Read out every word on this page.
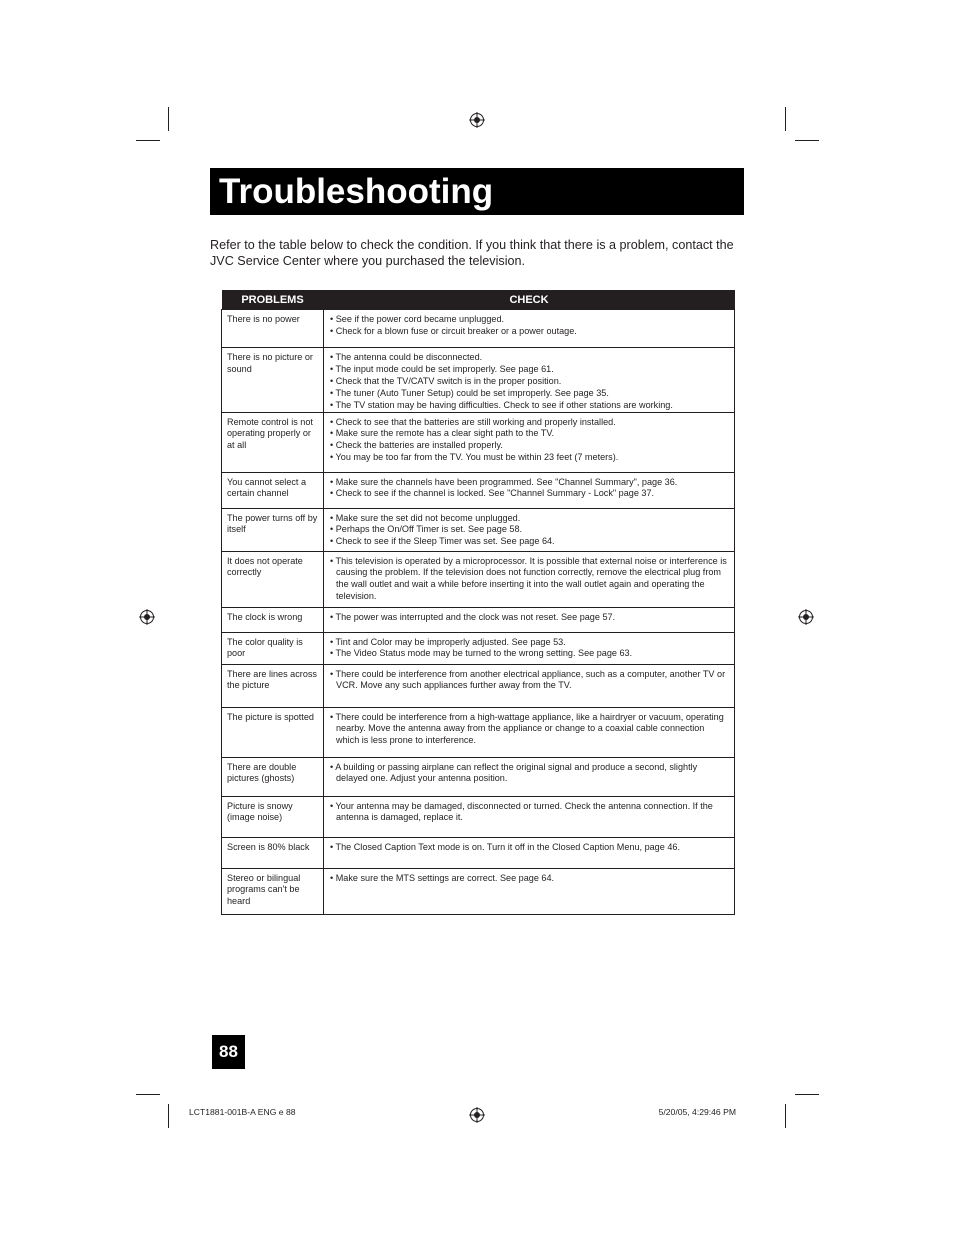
Troubleshooting

Refer to the table below to check the condition. If you think that there is a problem, contact the JVC Service Center where you purchased the television.

PROBLEMS	CHECK
There is no power	• See if the power cord became unplugged.
• Check for a blown fuse or circuit breaker or a power outage.

There is no picture or sound	• The antenna could be disconnected.
• The input mode could be set improperly. See page 61.
• Check that the TV/CATV switch is in the proper position.
• The tuner (Auto Tuner Setup) could be set improperly. See page 35.
• The TV station may be having difficulties. Check to see if other stations are working.

Remote control is not operating properly or at all	• Check to see that the batteries are still working and properly installed.
• Make sure the remote has a clear sight path to the TV.
• Check the batteries are installed properly.
• You may be too far from the TV. You must be within 23 feet (7 meters).

You cannot select a certain channel	• Make sure the channels have been programmed. See "Channel Summary", page 36.
• Check to see if the channel is locked. See "Channel Summary - Lock" page 37.

The power turns off by itself	• Make sure the set did not become unplugged.
• Perhaps the On/Off Timer is set. See page 58.
• Check to see if the Sleep Timer was set. See page 64.

It does not operate correctly	• This television is operated by a microprocessor. It is possible that external noise or interference is causing the problem. If the television does not function correctly, remove the electrical plug from the wall outlet and wait a while before inserting it into the wall outlet again and operating the television.

The clock is wrong	• The power was interrupted and the clock was not reset. See page 57.

The color quality is poor	• Tint and Color may be improperly adjusted. See page 53.
• The Video Status mode may be turned to the wrong setting. See page 63.

There are lines across the picture	• There could be interference from another electrical appliance, such as a computer, another TV or VCR. Move any such appliances further away from the TV.

The picture is spotted	• There could be interference from a high-wattage appliance, like a hairdryer or vacuum, operating nearby. Move the antenna away from the appliance or change to a coaxial cable connection which is less prone to interference.

There are double pictures (ghosts)	• A building or passing airplane can reflect the original signal and produce a second, slightly delayed one. Adjust your antenna position.

Picture is snowy (image noise)	• Your antenna may be damaged, disconnected or turned. Check the antenna connection. If the antenna is damaged, replace it.

Screen is 80% black	• The Closed Caption Text mode is on. Turn it off in the Closed Caption Menu, page 46.

Stereo or bilingual programs can't be heard	• Make sure the MTS settings are correct. See page 64.
88
LCT1881-001B-A ENG e 88	5/20/05, 4:29:46 PM
